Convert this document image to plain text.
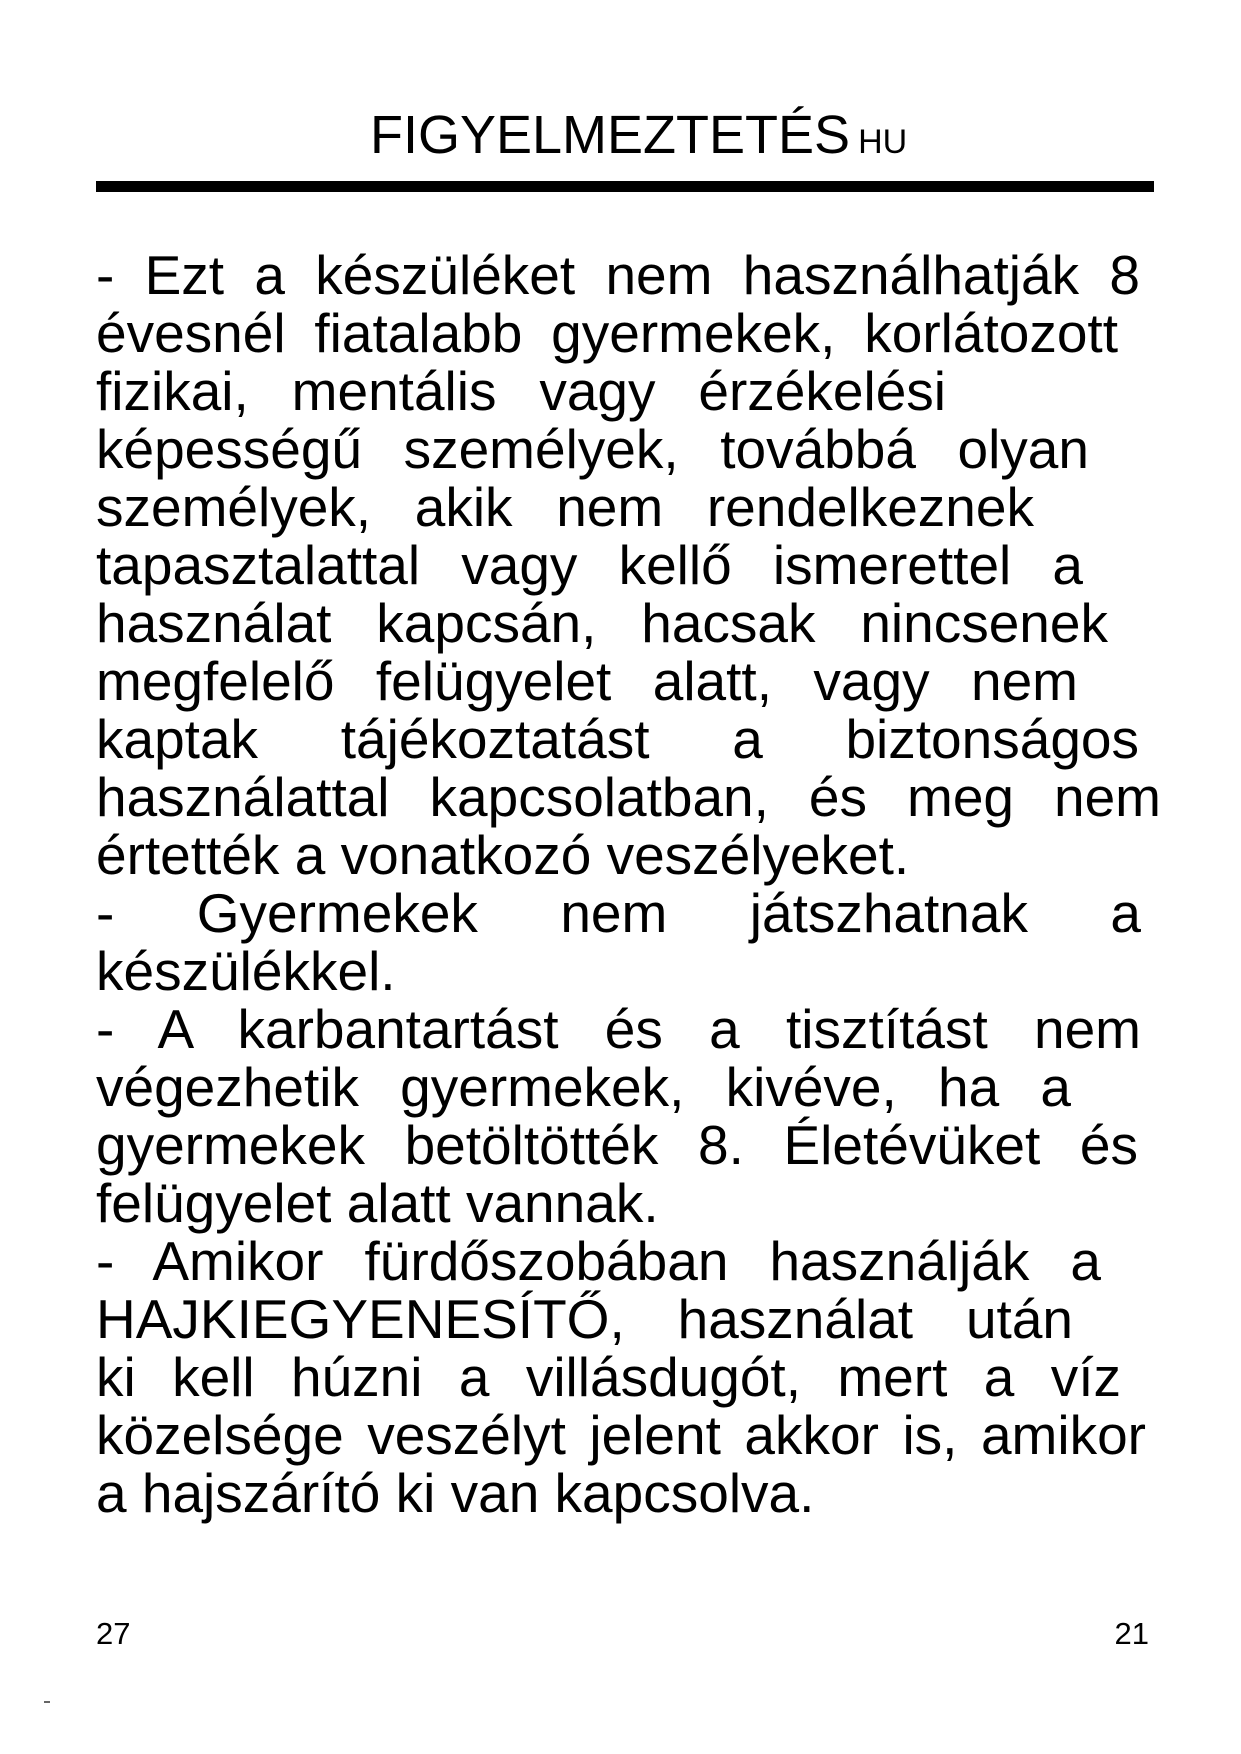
FIGYELMEZTETÉS HU
- Ezt a készüléket nem használhatják 8
évesnél fiatalabb gyermekek, korlátozott
fizikai, mentális vagy érzékelési
képességű személyek, továbbá olyan
személyek, akik nem rendelkeznek
tapasztalattal vagy kellő ismerettel a
használat kapcsán, hacsak nincsenek
megfelelő felügyelet alatt, vagy nem
kaptak tájékoztatást a biztonságos
használattal kapcsolatban, és meg nem
értették a vonatkozó veszélyeket.
- Gyermekek nem játszhatnak a
készülékkel.
- A karbantartást és a tisztítást nem
végezhetik gyermekek, kivéve, ha a
gyermekek betöltötték 8. Életévüket és
felügyelet alatt vannak.
- Amikor fürdőszobában használják a
HAJKIEGYENESÍTŐ, használat után
ki kell húzni a villásdugót, mert a víz
közelsége veszélyt jelent akkor is, amikor
a hajszárító ki van kapcsolva.
27	21
